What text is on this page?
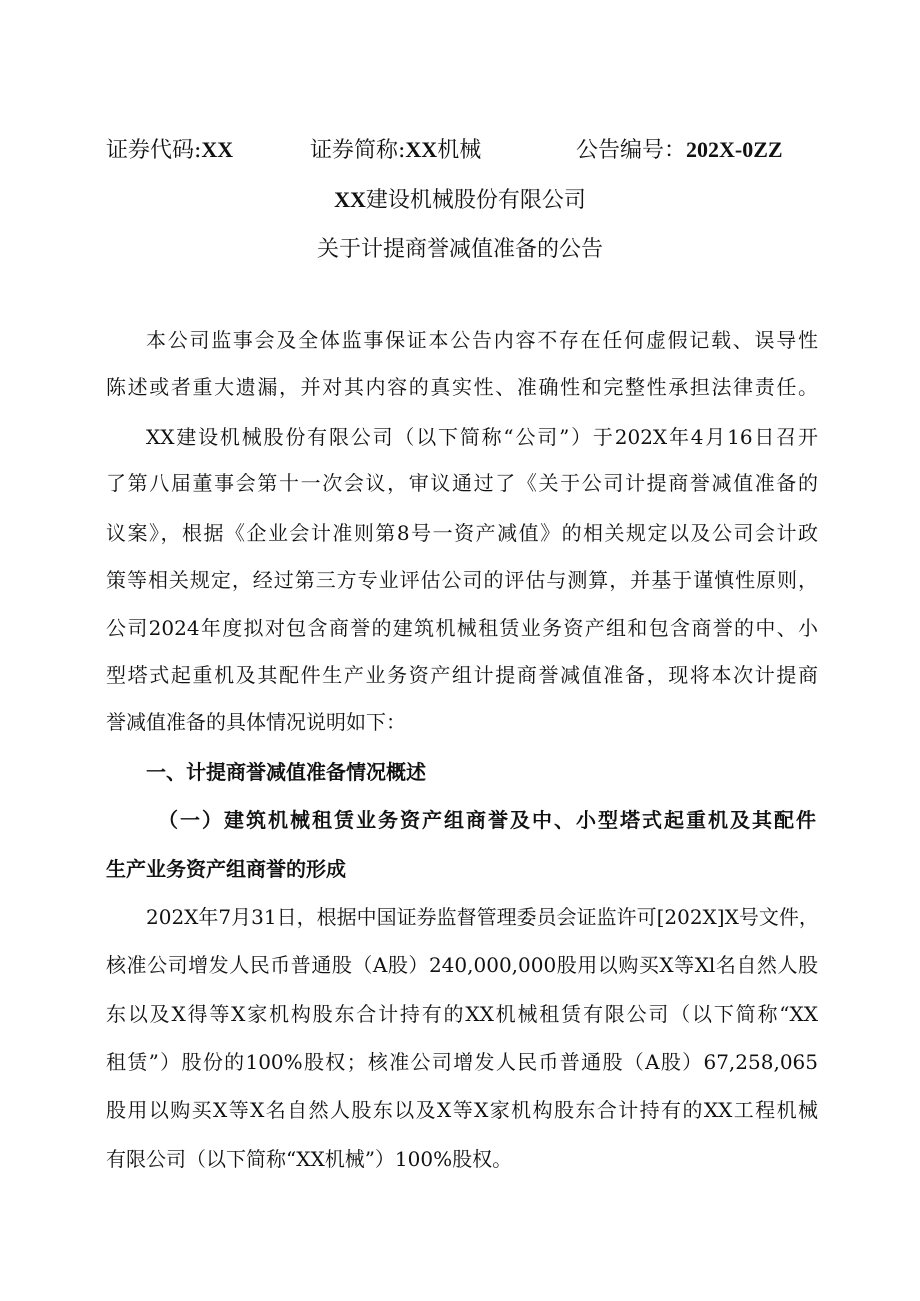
证券代码:XX	证券简称:XX机械	公告编号：202X-0ZZ
XX建设机械股份有限公司
关于计提商誉减值准备的公告
本公司监事会及全体监事保证本公告内容不存在任何虚假记载、误导性
陈述或者重大遗漏，并对其内容的真实性、准确性和完整性承担法律责任。
XX建设机械股份有限公司（以下简称“公司”）于202X年4月16日召开
了第八届董事会第十一次会议，审议通过了《关于公司计提商誉减值准备的
议案》，根据《企业会计准则第8号一资产减值》的相关规定以及公司会计政
策等相关规定，经过第三方专业评估公司的评估与测算，并基于谨慎性原则，
公司2024年度拟对包含商誉的建筑机械租赁业务资产组和包含商誉的中、小
型塔式起重机及其配件生产业务资产组计提商誉减值准备，现将本次计提商
誉减值准备的具体情况说明如下：
一、计提商誉减值准备情况概述
（一）建筑机械租赁业务资产组商誉及中、小型塔式起重机及其配件
生产业务资产组商誉的形成
202X年7月31日，根据中国证券监督管理委员会证监许可[202X]X号文件，
核准公司增发人民币普通股（A股）240,000,000股用以购买X等Xl名自然人股
东以及X得等X家机构股东合计持有的XX机械租赁有限公司（以下简称“XX
租赁”）股份的100%股权；核准公司增发人民币普通股（A股）67,258,065
股用以购买X等X名自然人股东以及X等X家机构股东合计持有的XX工程机械
有限公司（以下简称“XX机械”）100%股权。
